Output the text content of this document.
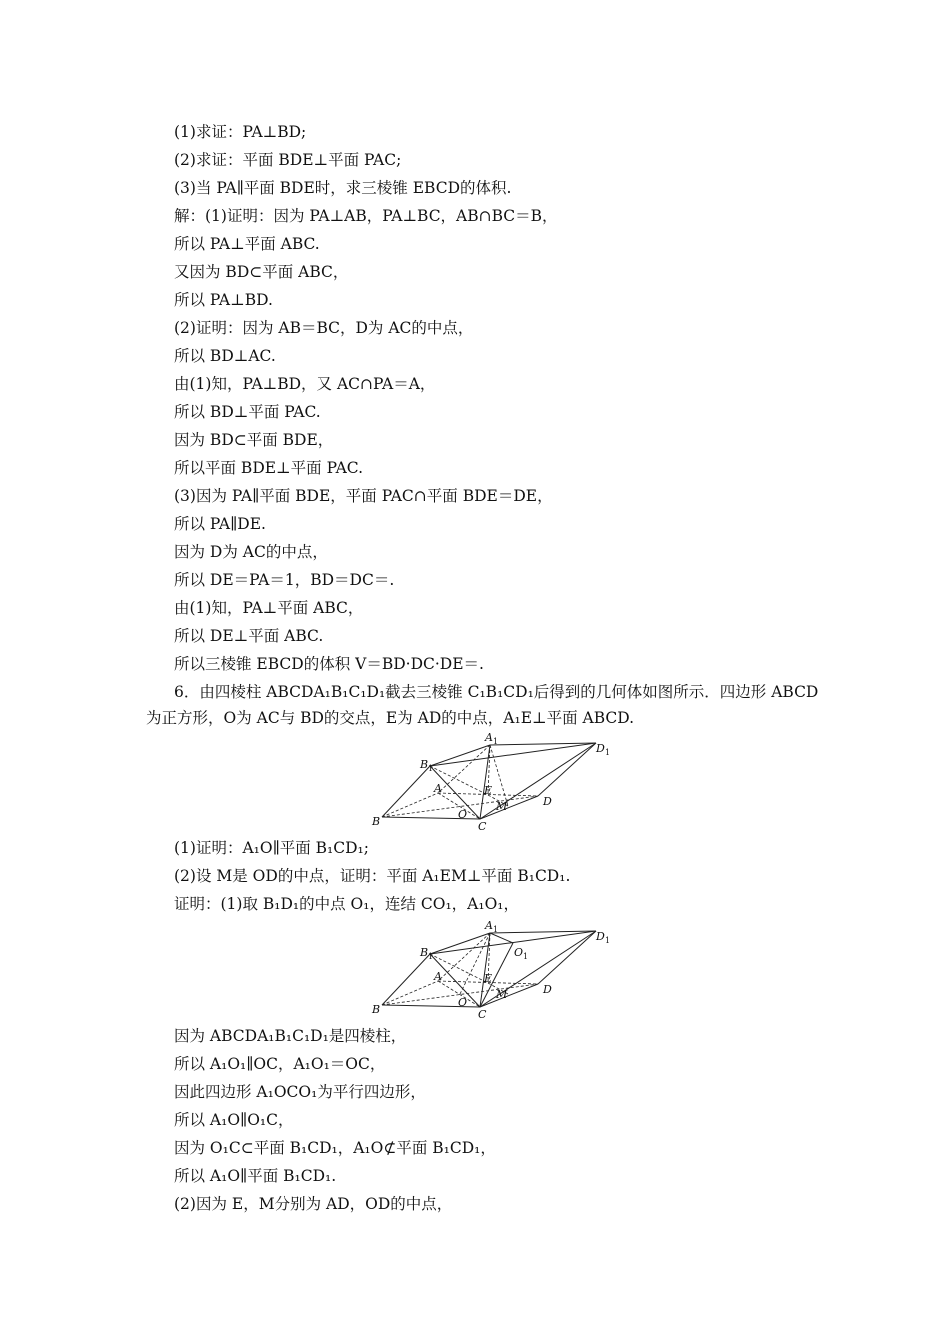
(1)求证：PA⊥BD;
(2)求证：平面 BDE⊥平面 PAC;
(3)当 PA∥平面 BDE时，求三棱锥 EBCD的体积.
解：(1)证明：因为 PA⊥AB，PA⊥BC，AB∩BC＝B，
所以 PA⊥平面 ABC.
又因为 BD⊂平面 ABC，
所以 PA⊥BD.
(2)证明：因为 AB＝BC，D为 AC的中点，
所以 BD⊥AC.
由(1)知，PA⊥BD，又 AC∩PA＝A，
所以 BD⊥平面 PAC.
因为 BD⊂平面 BDE，
所以平面 BDE⊥平面 PAC.
(3)因为 PA∥平面 BDE，平面 PAC∩平面 BDE＝DE，
所以 PA∥DE.
因为 D为 AC的中点，
所以 DE＝PA＝1，BD＝DC＝.
由(1)知，PA⊥平面 ABC，
所以 DE⊥平面 ABC.
所以三棱锥 EBCD的体积 V＝BD·DC·DE＝.
6．由四棱柱 ABCDA₁B₁C₁D₁截去三棱锥 C₁B₁CD₁后得到的几何体如图所示．四边形 ABCD
为正方形，O为 AC与 BD的交点，E为 AD的中点，A₁E⊥平面 ABCD.
A 1
B 1
D 1
A
B	C
D
E
O
M
(1)证明：A₁O∥平面 B₁CD₁;
(2)设 M是 OD的中点，证明：平面 A₁EM⊥平面 B₁CD₁.
证明：(1)取 B₁D₁的中点 O₁，连结 CO₁，A₁O₁，
A 1
B 1
D 1
O 1
A
B	C
D
E
O
M
因为 ABCDA₁B₁C₁D₁是四棱柱，
所以 A₁O₁∥OC，A₁O₁＝OC，
因此四边形 A₁OCO₁为平行四边形，
所以 A₁O∥O₁C，
因为 O₁C⊂平面 B₁CD₁，A₁O⊄平面 B₁CD₁，
所以 A₁O∥平面 B₁CD₁.
(2)因为 E，M分别为 AD，OD的中点，
